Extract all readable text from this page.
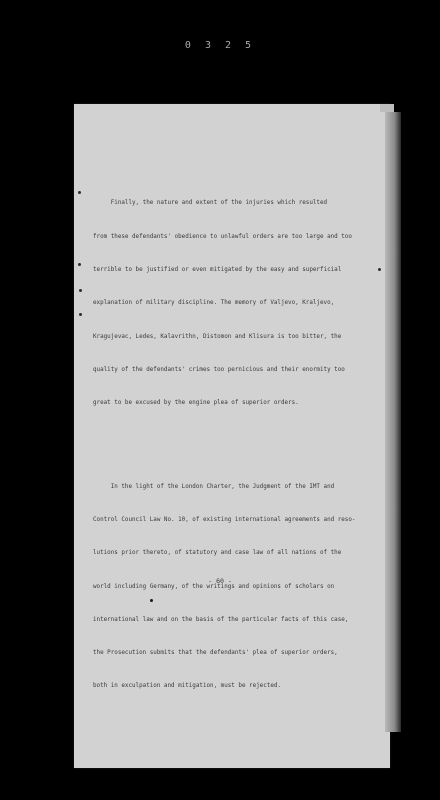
0 3 2 5

Finally, the nature and extent of the injuries which resulted

from these defendants' obedience to unlawful orders are too large and too

terrible to be justified or even mitigated by the easy and superficial

explanation of military discipline. The memory of Valjevo, Kraljevo,

Kragujevac, Ledes, Kalavrithn, Distomon and Klisura is too bitter, the

quality of the defendants' crimes too pernicious and their enormity too

great to be excused by the engine plea of superior orders.

In the light of the London Charter, the Judgment of the IMT and

Control Council Law No. 10, of existing international agreements and reso-

lutions prior thereto, of statutory and case law of all nations of the

world including Germany, of the writings and opinions of scholars on

international law and on the basis of the particular facts of this case,

the Prosecution submits that the defendants' plea of superior orders,

both in exculpation and mitigation, must be rejected.

- 60 -
